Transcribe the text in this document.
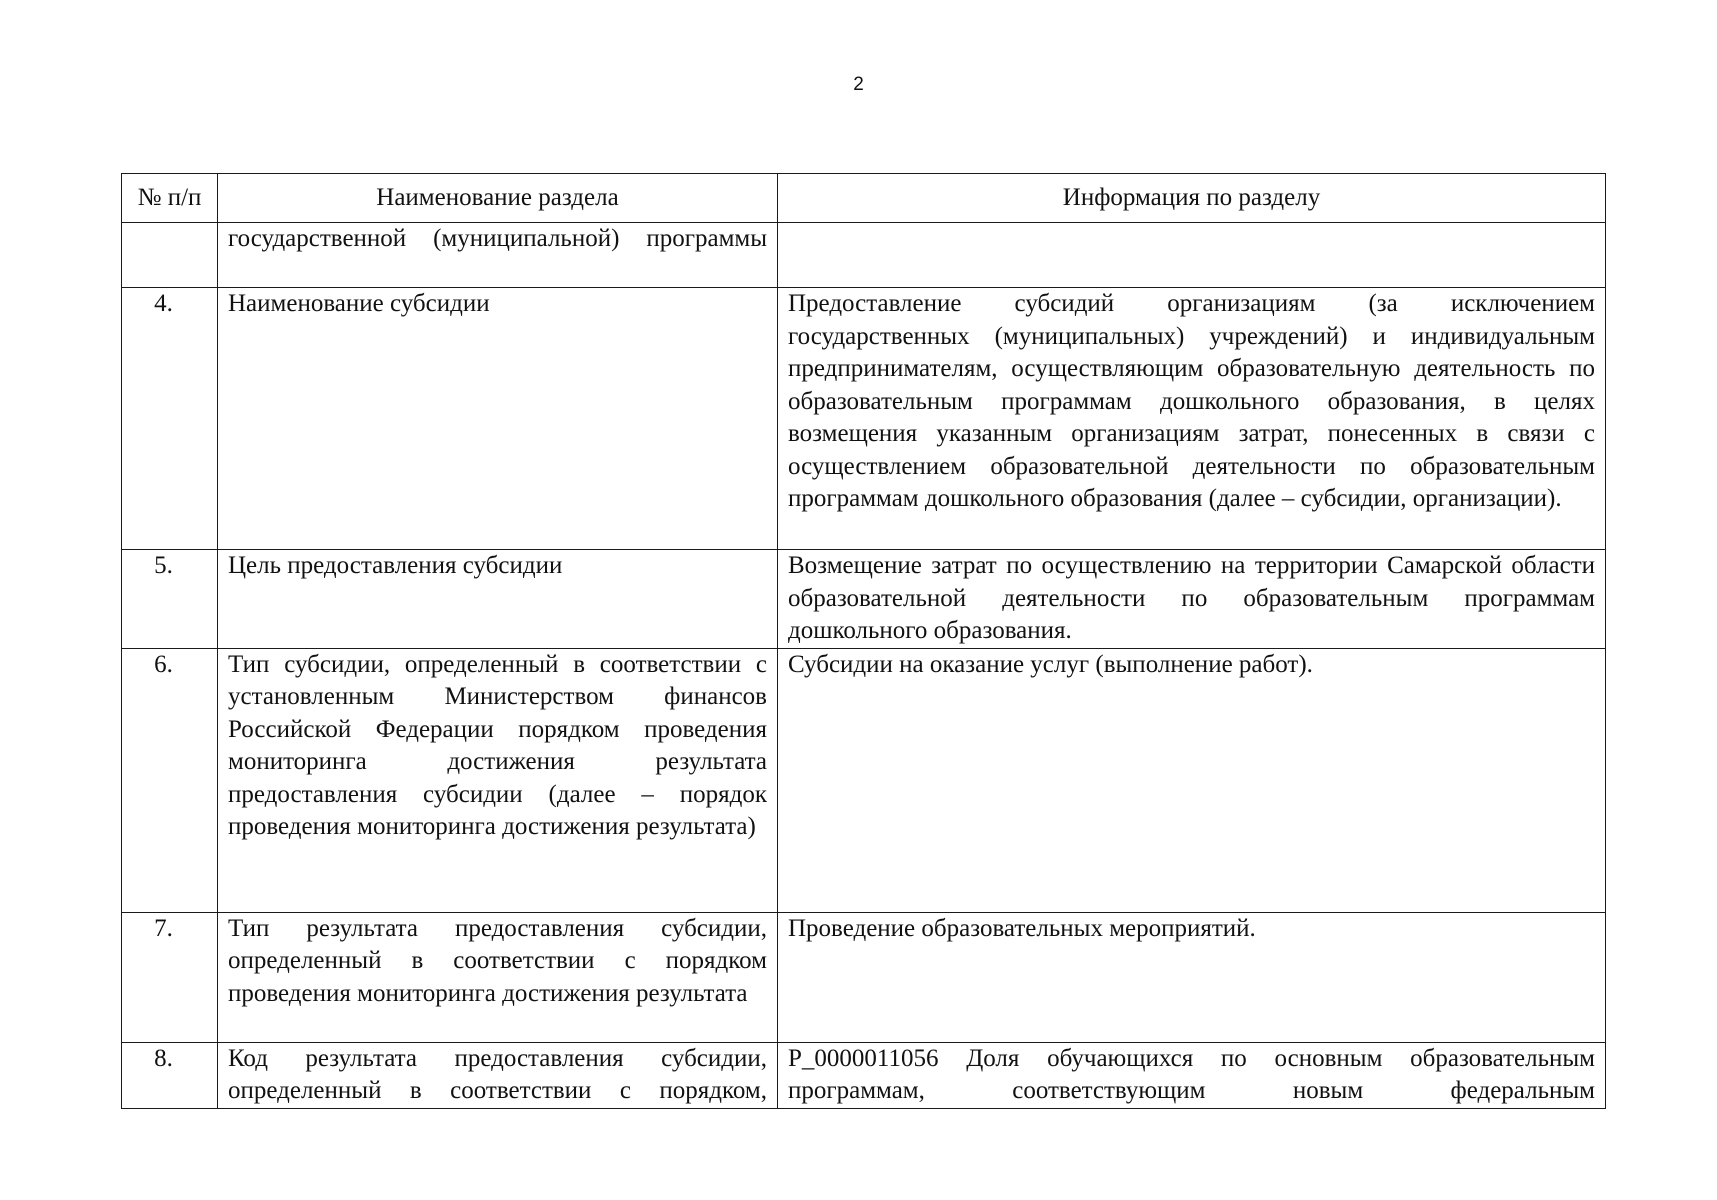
2
№ п/п	Наименование раздела	Информация по разделу
	государственной (муниципальной) программы	
4.	Наименование субсидии	Предоставление субсидий организациям (за исключением государственных (муниципальных) учреждений) и индивидуальным предпринимателям, осуществляющим образовательную деятельность по образовательным программам дошкольного образования, в целях возмещения указанным организациям затрат, понесенных в связи с осуществлением образовательной деятельности по образовательным программам дошкольного образования (далее – субсидии, организации).
5.	Цель предоставления субсидии	Возмещение затрат по осуществлению на территории Самарской области образовательной деятельности по образовательным программам дошкольного образования.
6.	Тип субсидии, определенный в соответствии с установленным Министерством финансов Российской Федерации порядком проведения мониторинга достижения результата предоставления субсидии (далее – порядок проведения мониторинга достижения результата)	Субсидии на оказание услуг (выполнение работ).
7.	Тип результата предоставления субсидии, определенный в соответствии с порядком проведения мониторинга достижения результата	Проведение образовательных мероприятий.
8.	Код результата предоставления субсидии, определенный в соответствии с порядком,	P_0000011056 Доля обучающихся по основным образовательным программам, соответствующим новым федеральным
